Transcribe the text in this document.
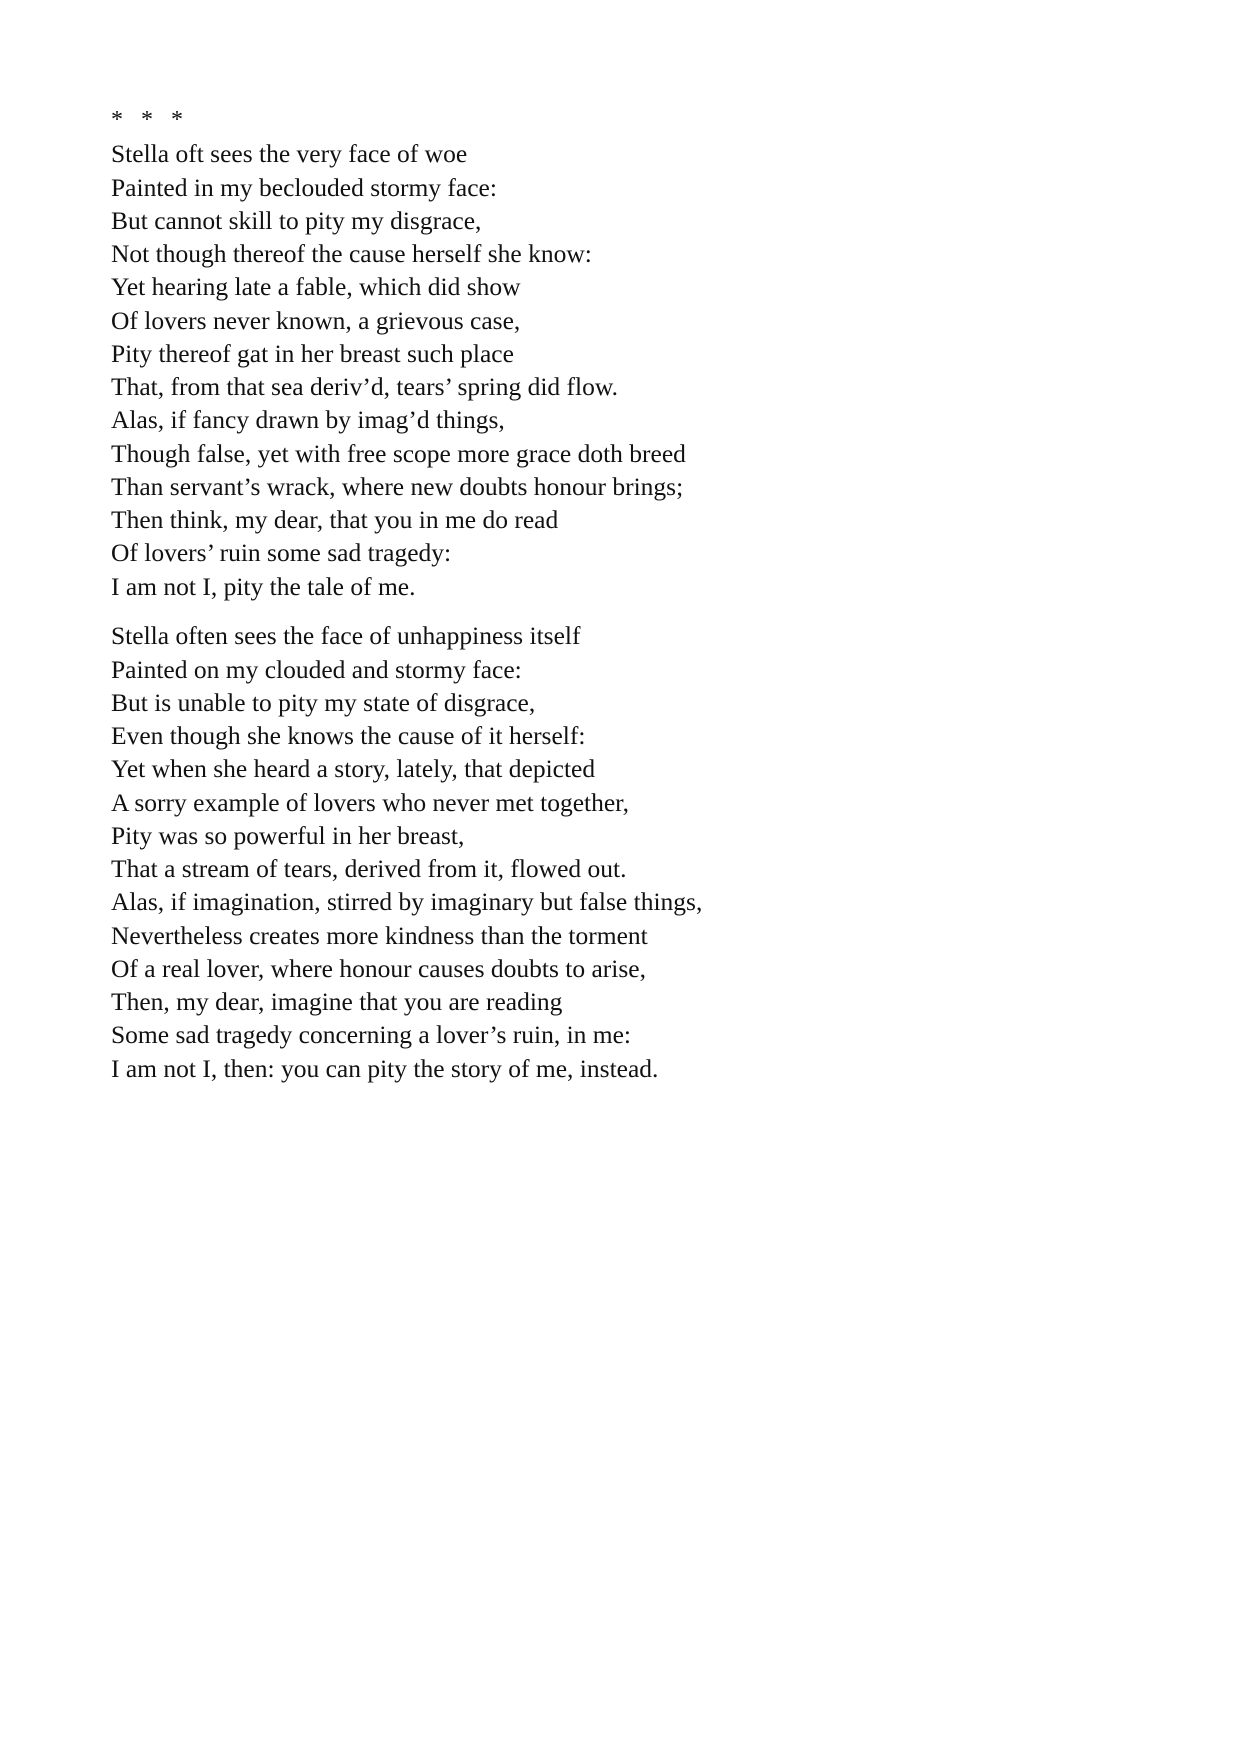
*   *   *
Stella oft sees the very face of woe
Painted in my beclouded stormy face:
But cannot skill to pity my disgrace,
Not though thereof the cause herself she know:
Yet hearing late a fable, which did show
Of lovers never known, a grievous case,
Pity thereof gat in her breast such place
That, from that sea deriv’d, tears’ spring did flow.
Alas, if fancy drawn by imag’d things,
Though false, yet with free scope more grace doth breed
Than servant’s wrack, where new doubts honour brings;
Then think, my dear, that you in me do read
Of lovers’ ruin some sad tragedy:
I am not I, pity the tale of me.
Stella often sees the face of unhappiness itself
Painted on my clouded and stormy face:
But is unable to pity my state of disgrace,
Even though she knows the cause of it herself:
Yet when she heard a story, lately, that depicted
A sorry example of lovers who never met together,
Pity was so powerful in her breast,
That a stream of tears, derived from it, flowed out.
Alas, if imagination, stirred by imaginary but false things,
Nevertheless creates more kindness than the torment
Of a real lover, where honour causes doubts to arise,
Then, my dear, imagine that you are reading
Some sad tragedy concerning a lover’s ruin, in me:
I am not I, then: you can pity the story of me, instead.
